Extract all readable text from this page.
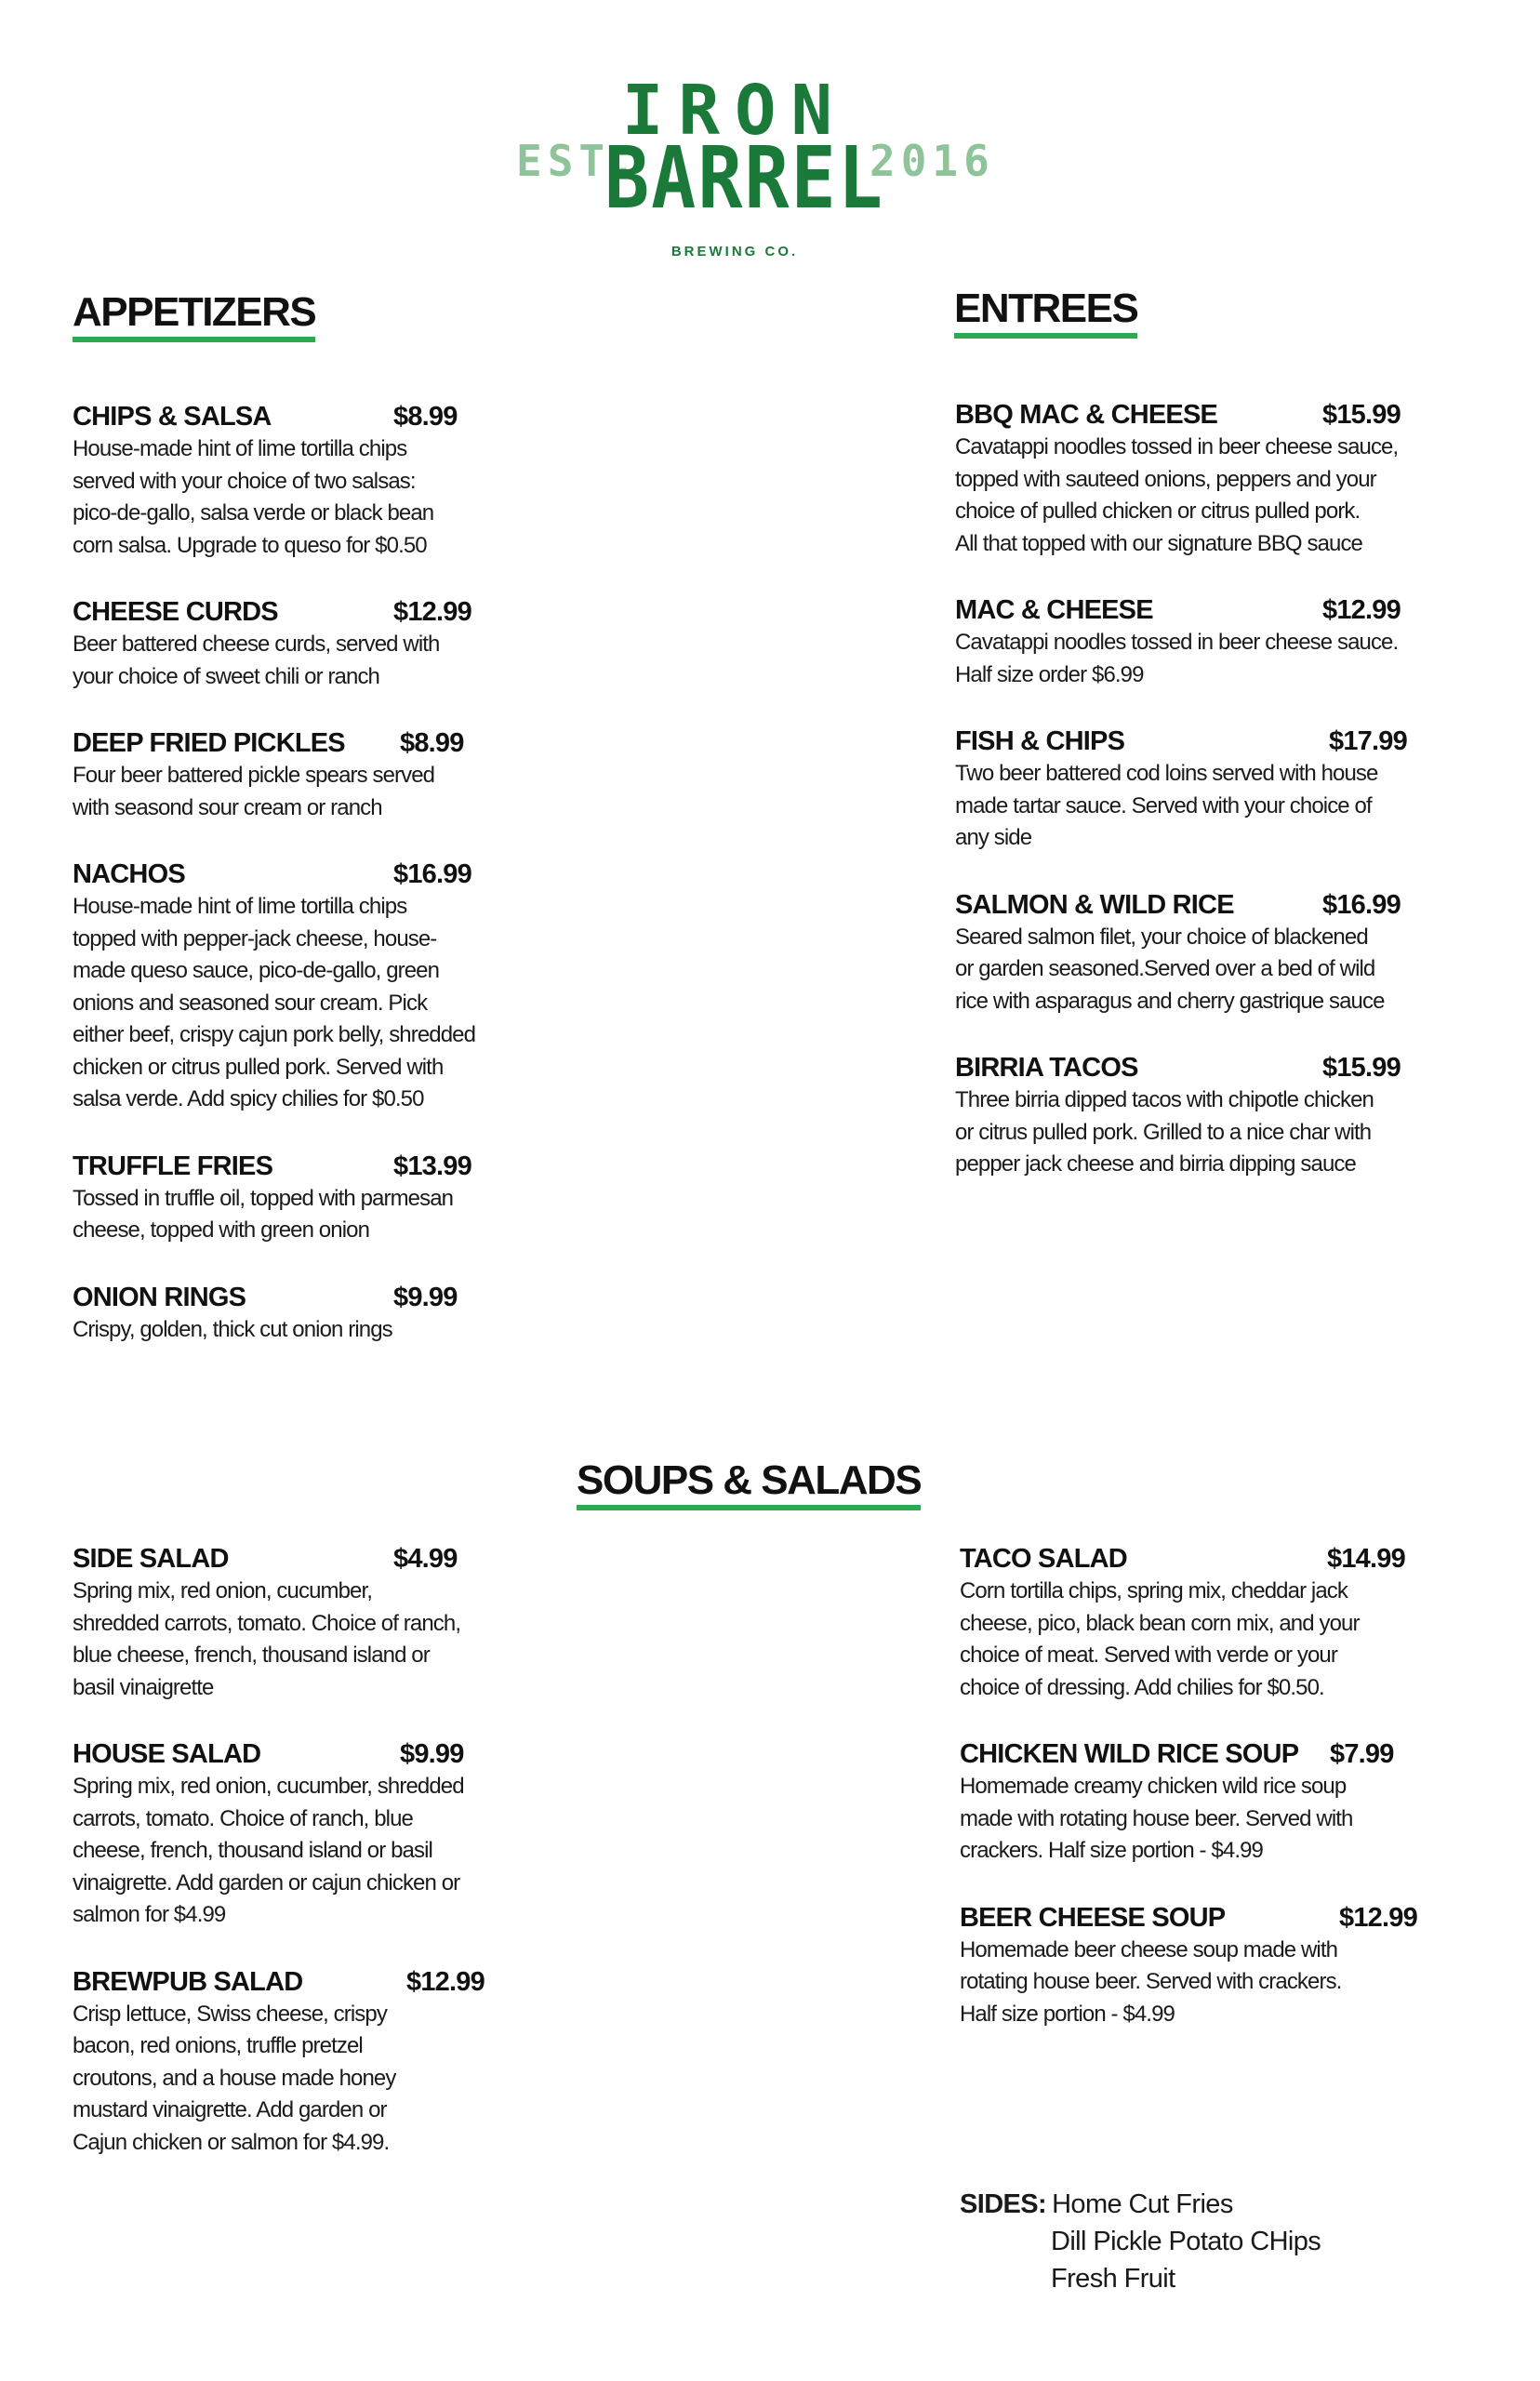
EST.
IRON
BARREL
BREWING CO.
2016
APPETIZERS
CHIPS & SALSA	$8.99
House-made hint of lime tortilla chips
served with your choice of two salsas:
pico-de-gallo, salsa verde or black bean
corn salsa. Upgrade to queso for $0.50
CHEESE CURDS	$12.99
Beer battered cheese curds, served with
your choice of sweet chili or ranch
DEEP FRIED PICKLES	$8.99
Four beer battered pickle spears served
with seasond sour cream or ranch
NACHOS	$16.99
House-made hint of lime tortilla chips
topped with pepper-jack cheese, house-
made queso sauce, pico-de-gallo, green
onions and seasoned sour cream. Pick
either beef, crispy cajun pork belly, shredded
chicken or citrus pulled pork. Served with
salsa verde. Add spicy chilies for $0.50
TRUFFLE FRIES	$13.99
Tossed in truffle oil, topped with parmesan
cheese, topped with green onion
ONION RINGS	$9.99
Crispy, golden, thick cut onion rings
ENTREES
BBQ MAC & CHEESE	$15.99
Cavatappi noodles tossed in beer cheese sauce,
topped with sauteed onions, peppers and your
choice of pulled chicken or citrus pulled pork.
All that topped with our signature BBQ sauce
MAC & CHEESE	$12.99
Cavatappi noodles tossed in beer cheese sauce.
Half size order $6.99
FISH & CHIPS	$17.99
Two beer battered cod loins served with house
made tartar sauce. Served with your choice of
any side
SALMON & WILD RICE	$16.99
Seared salmon filet, your choice of blackened
or garden seasoned.Served over a bed of wild
rice with asparagus and cherry gastrique sauce
BIRRIA TACOS	$15.99
Three birria dipped tacos with chipotle chicken
or citrus pulled pork. Grilled to a nice char with
pepper jack cheese and birria dipping sauce
SOUPS & SALADS
SIDE SALAD	$4.99
Spring mix, red onion, cucumber,
shredded carrots, tomato. Choice of ranch,
blue cheese, french, thousand island or
basil vinaigrette
HOUSE SALAD	$9.99
Spring mix, red onion, cucumber, shredded
carrots, tomato. Choice of ranch, blue
cheese, french, thousand island or basil
vinaigrette. Add garden or cajun chicken or
salmon for $4.99
BREWPUB SALAD	$12.99
Crisp lettuce, Swiss cheese, crispy
bacon, red onions, truffle pretzel
croutons, and a house made honey
mustard vinaigrette. Add garden or
Cajun chicken or salmon for $4.99.
TACO SALAD	$14.99
Corn tortilla chips, spring mix, cheddar jack
cheese, pico, black bean corn mix, and your
choice of meat. Served with verde or your
choice of dressing. Add chilies for $0.50.
CHICKEN WILD RICE SOUP	$7.99
Homemade creamy chicken wild rice soup
made with rotating house beer. Served with
crackers. Half size portion - $4.99
BEER CHEESE SOUP	$12.99
Homemade beer cheese soup made with
rotating house beer. Served with crackers.
Half size portion - $4.99
SIDES: Home Cut Fries
Dill Pickle Potato CHips
Fresh Fruit
